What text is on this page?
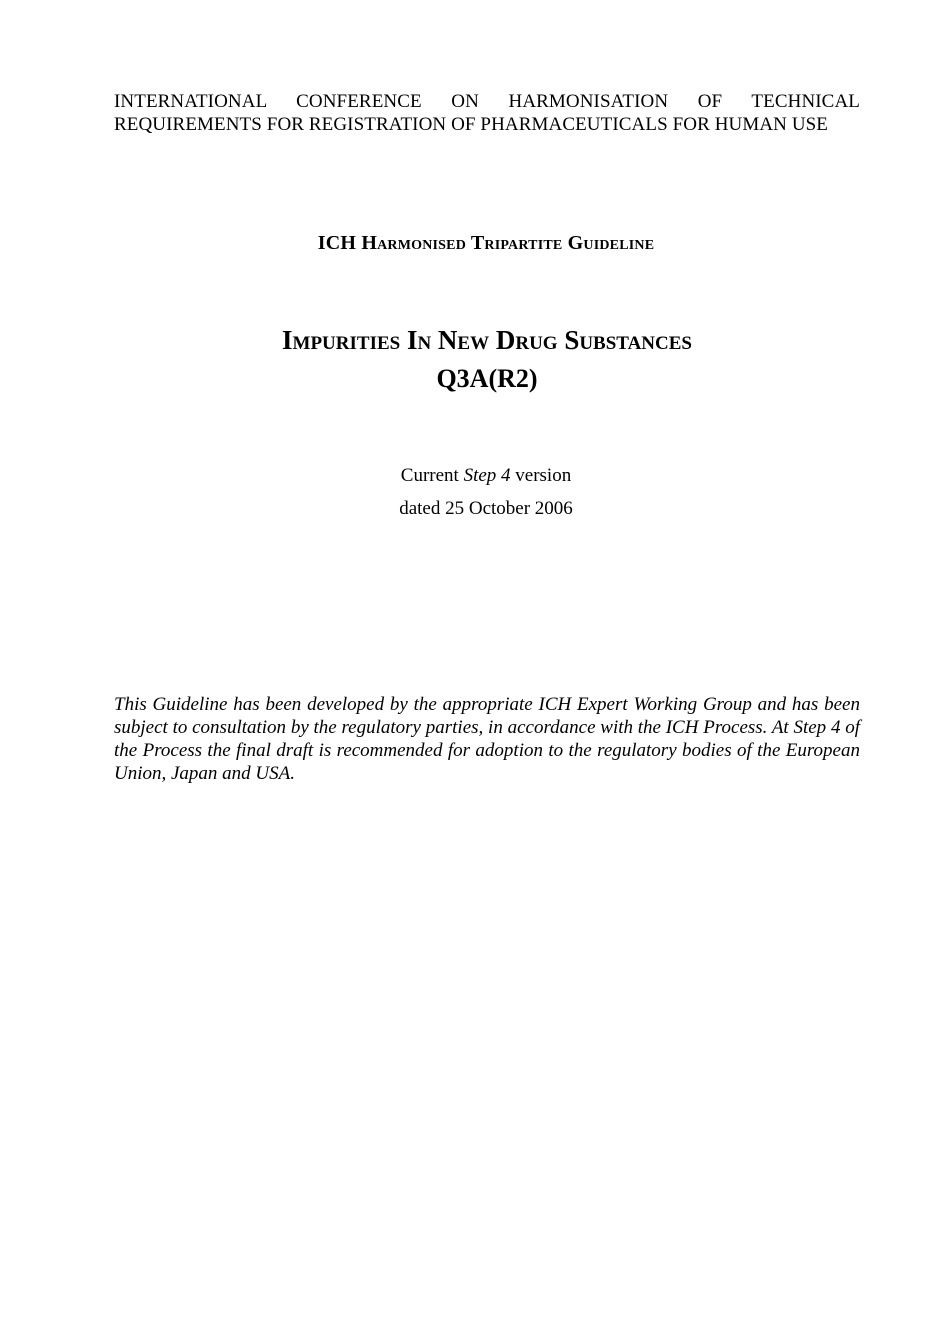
INTERNATIONAL CONFERENCE ON HARMONISATION OF TECHNICAL REQUIREMENTS FOR REGISTRATION OF PHARMACEUTICALS FOR HUMAN USE
ICH Harmonised Tripartite Guideline
Impurities In New Drug Substances
Q3A(R2)
Current Step 4 version
dated 25 October 2006
This Guideline has been developed by the appropriate ICH Expert Working Group and has been subject to consultation by the regulatory parties, in accordance with the ICH Process. At Step 4 of the Process the final draft is recommended for adoption to the regulatory bodies of the European Union, Japan and USA.
